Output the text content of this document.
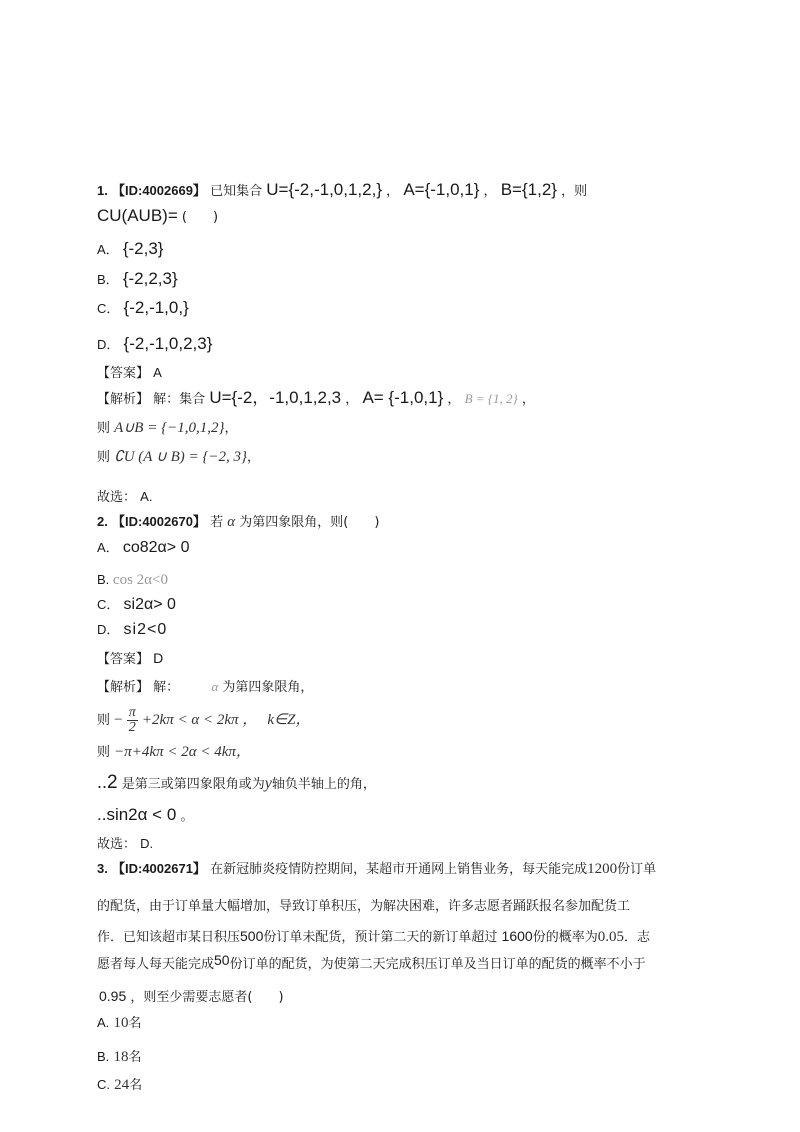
1. 【ID:4002669】 已知集合 U={-2,-1,0,1,2,} ， A={-1,0,1} ， B={1,2} ，则
CU(AUB)= (　　)
A． {-2,3}
B． {-2,2,3}
C． {-2,-1,0,}
D． {-2,-1,0,2,3}
【答案】 A
【解析】 解：集合 U={-2，-1,0,1,2,3 ， A= {-1,0,1} ， B = {1, 2} ，
则 A∪B = {−1,0,1,2}，
则 ∁U (A ∪ B) = {−2, 3}，
故选： A.
2. 【ID:4002670】 若 α 为第四象限角，则(　　)
A． co82α> 0
B. cos 2α<0
C． si2α> 0
D． si2<0
【答案】 D
【解析】 解： α 为第四象限角，
则 − $\frac{\pi}{2} +2k\pi < \alpha < 2k\pi$ ， k∈Z，
则 −π+4kπ < 2α < 4kπ，
..2 是第三或第四象限角或为y轴负半轴上的角，
..sin2α < 0 。
故选： D.
3. 【ID:4002671】 在新冠肺炎疫情防控期间，某超市开通网上销售业务，每天能完成1200份订单
的配货，由于订单量大幅增加，导致订单积压，为解决困难，许多志愿者踊跃报名参加配货工
作．已知该超市某日积压500份订单未配货，预计第二天的新订单超过 1600份的概率为0.05．志
愿者每人每天能完成50份订单的配货，为使第二天完成积压订单及当日订单的配货的概率不小于
0.95 ，则至少需要志愿者(　　)
A. 10名
B. 18名
C. 24名
